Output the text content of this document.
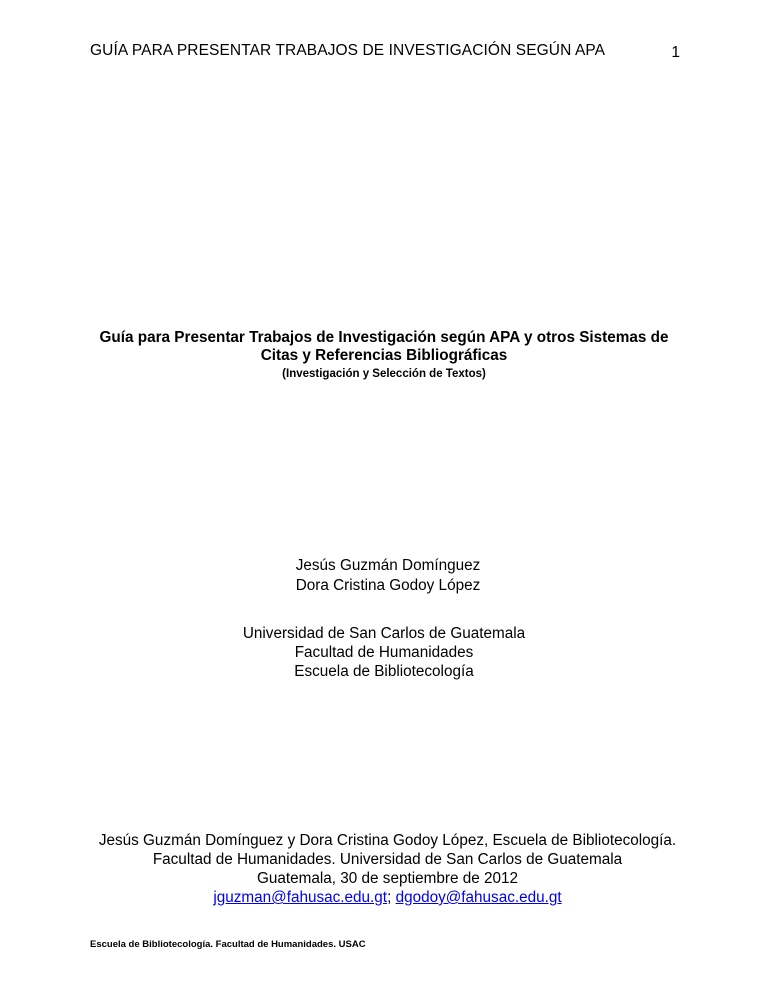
GUÍA PARA PRESENTAR TRABAJOS DE INVESTIGACIÓN SEGÚN APA	1
Guía para Presentar Trabajos de Investigación según APA y otros Sistemas de Citas y Referencias Bibliográficas
(Investigación y Selección de Textos)
Jesús Guzmán Domínguez
Dora Cristina Godoy López
Universidad de San Carlos de Guatemala
Facultad de Humanidades
Escuela de Bibliotecología
Jesús Guzmán Domínguez y Dora Cristina Godoy López, Escuela de Bibliotecología.
Facultad de Humanidades. Universidad de San Carlos de Guatemala
Guatemala, 30 de septiembre de 2012
jguzman@fahusac.edu.gt; dgodoy@fahusac.edu.gt
Escuela de Bibliotecología. Facultad de Humanidades. USAC
